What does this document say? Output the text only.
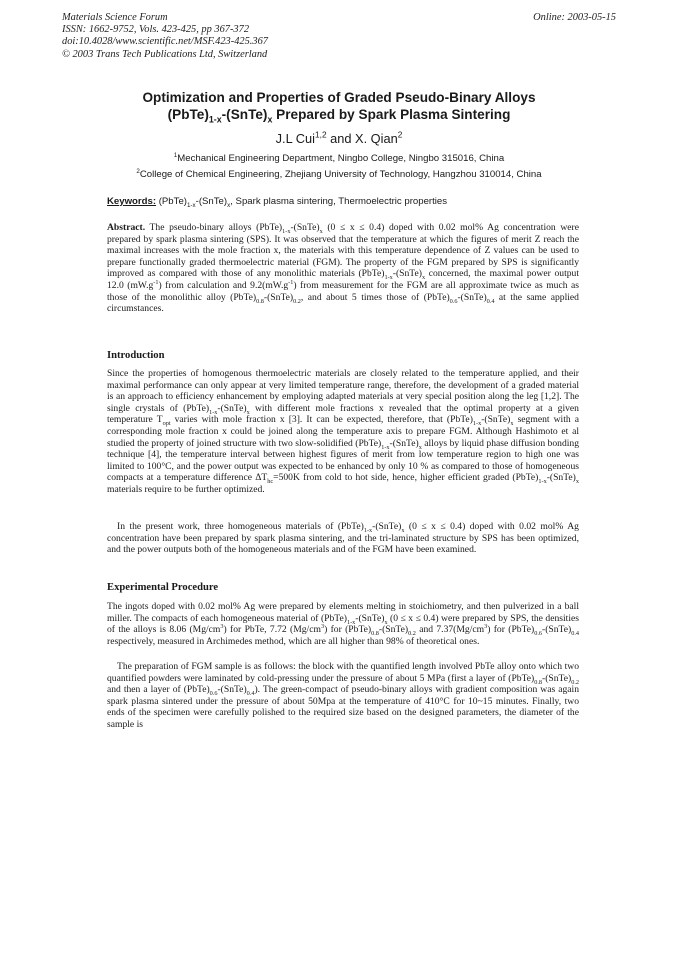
Materials Science Forum
ISSN: 1662-9752, Vols. 423-425, pp 367-372
doi:10.4028/www.scientific.net/MSF.423-425.367
© 2003 Trans Tech Publications Ltd, Switzerland
Online: 2003-05-15
Optimization and Properties of Graded Pseudo-Binary Alloys
$(PbTe)_{1-x}-(SnTe)_x$ Prepared by Spark Plasma Sintering
J.L Cui$^{1,2}$ and X. Qian$^2$
$^1$Mechanical Engineering Department, Ningbo College, Ningbo 315016, China
$^2$College of Chemical Engineering, Zhejiang University of Technology, Hangzhou 310014, China
Keywords: $(PbTe)_{1-x}-(SnTe)_x$, Spark plasma sintering, Thermoelectric properties

Abstract. The pseudo-binary alloys $(PbTe)_{1-x}-(SnTe)_x$ (0 ≤ x ≤ 0.4) doped with 0.02 mol% Ag concentration were prepared by spark plasma sintering (SPS). It was observed that the temperature at which the figures of merit Z reach the maximal increases with the mole fraction x, the materials with this temperature dependence of Z values can be used to prepare functionally graded thermoelectric material (FGM). The property of the FGM prepared by SPS is significantly improved as compared with those of any monolithic materials $(PbTe)_{1-x}-(SnTe)_x$ concerned, the maximal power output 12.0 $(mW.g^{-1})$ from calculation and $9.2(mW.g^{-1})$ from measurement for the FGM are all approximate twice as much as those of the monolithic alloy $(PbTe)_{0.8}-(SnTe)_{0.2}$, and about 5 times those of $(PbTe)_{0.6}-(SnTe)_{0.4}$ at the same applied circumstances.

Introduction

Since the properties of homogenous thermoelectric materials are closely related to the temperature applied, and their maximal performance can only appear at very limited temperature range, therefore, the development of a graded material is an approach to efficiency enhancement by employing adapted materials at very special position along the leg [1,2]. The single crystals of $(PbTe)_{1-x}-(SnTe)_x$ with different mole fractions x revealed that the optimal property at a given temperature $T_{opt}$ varies with mole fraction x [3]. It can be expected, therefore, that $(PbTe)_{1-x}-(SnTe)_x$ segment with a corresponding mole fraction x could be joined along the temperature axis to prepare FGM. Although Hashimoto et al studied the property of joined structure with two slow-solidified $(PbTe)_{1-x}-(SnTe)_x$ alloys by liquid phase diffusion bonding technique [4], the temperature interval between highest figures of merit from low temperature region to high one was limited to 100°C, and the power output was expected to be enhanced by only 10 % as compared to those of homogeneous compacts at a temperature difference $\Delta T_{hc}=500K$ from cold to hot side, hence, higher efficient graded $(PbTe)_{1-x}-(SnTe)_x$ materials require to be further optimized.

In the present work, three homogeneous materials of $(PbTe)_{1-x}-(SnTe)_x$ (0 ≤ x ≤ 0.4) doped with 0.02 mol% Ag concentration have been prepared by spark plasma sintering, and the tri-laminated structure by SPS has been optimized, and the power outputs both of the homogeneous materials and of the FGM have been examined.

Experimental Procedure

The ingots doped with 0.02 mol% Ag were prepared by elements melting in stoichiometry, and then pulverized in a ball miller. The compacts of each homogeneous material of $(PbTe)_{1-x}-(SnTe)_x$ (0 ≤ x ≤ 0.4) were prepared by SPS, the densities of the alloys is 8.06 $(Mg/cm^3)$ for PbTe, 7.72 $(Mg/cm^3)$ for $(PbTe)_{0.8}-(SnTe)_{0.2}$ and $7.37(Mg/cm^3)$ for $(PbTe)_{0.6}-(SnTe)_{0.4}$ respectively, measured in Archimedes method, which are all higher than 98% of theoretical ones.

The preparation of FGM sample is as follows: the block with the quantified length involved PbTe alloy onto which two quantified powders were laminated by cold-pressing under the pressure of about 5 MPa (first a layer of $(PbTe)_{0.8}-(SnTe)_{0.2}$ and then a layer of $(PbTe)_{0.6}-(SnTe)_{0.4}$). The green-compact of pseudo-binary alloys with gradient composition was again spark plasma sintered under the pressure of about 50Mpa at the temperature of 410°C for 10~15 minutes. Finally, two ends of the specimen were carefully polished to the required size based on the designed parameters, the diameter of the sample is
